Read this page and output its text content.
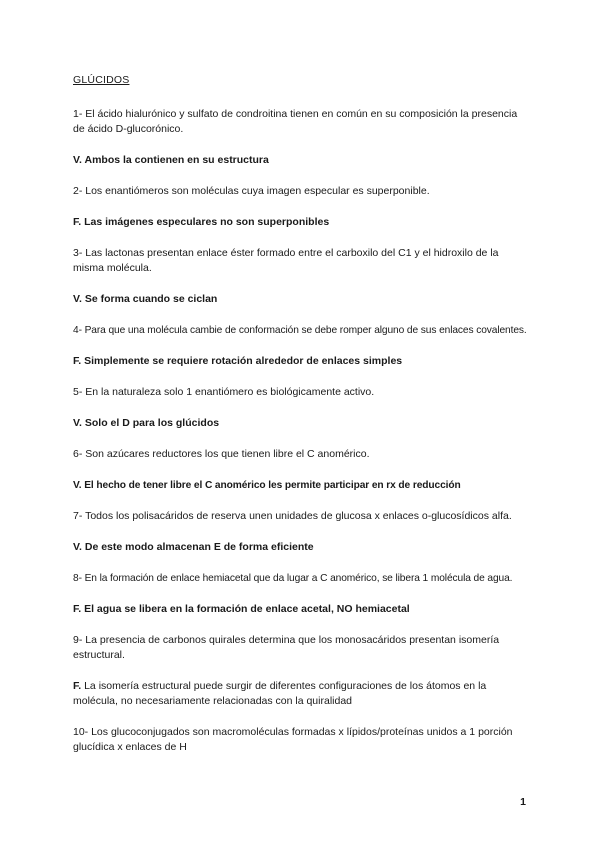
GLÚCIDOS

1- El ácido hialurónico y sulfato de condroitina tienen en común en su composición la presencia de ácido D-glucorónico.

V. Ambos la contienen en su estructura

2- Los enantiómeros son moléculas cuya imagen especular es superponible.

F. Las imágenes especulares no son superponibles

3- Las lactonas presentan enlace éster formado entre el carboxilo del C1 y el hidroxilo de la misma molécula.

V. Se forma cuando se ciclan

4- Para que una molécula cambie de conformación se debe romper alguno de sus enlaces covalentes.

F. Simplemente se requiere rotación alrededor de enlaces simples

5- En la naturaleza solo 1 enantiómero es biológicamente activo.

V. Solo el D para los glúcidos

6- Son azúcares reductores los que tienen libre el C anomérico.

V. El hecho de tener libre el C anomérico les permite participar en rx de reducción

7- Todos los polisacáridos de reserva unen unidades de glucosa x enlaces o-glucosídicos alfa.

V. De este modo almacenan E de forma eficiente

8- En la formación de enlace hemiacetal que da lugar a C anomérico, se libera 1 molécula de agua.

F. El agua se libera en la formación de enlace acetal, NO hemiacetal

9- La presencia de carbonos quirales determina que los monosacáridos presentan isomería estructural.

F. La isomería estructural puede surgir de diferentes configuraciones de los átomos en la molécula, no necesariamente relacionadas con la quiralidad

10- Los glucoconjugados son macromoléculas formadas x lípidos/proteínas unidos a 1 porción glucídica x enlaces de H

1
